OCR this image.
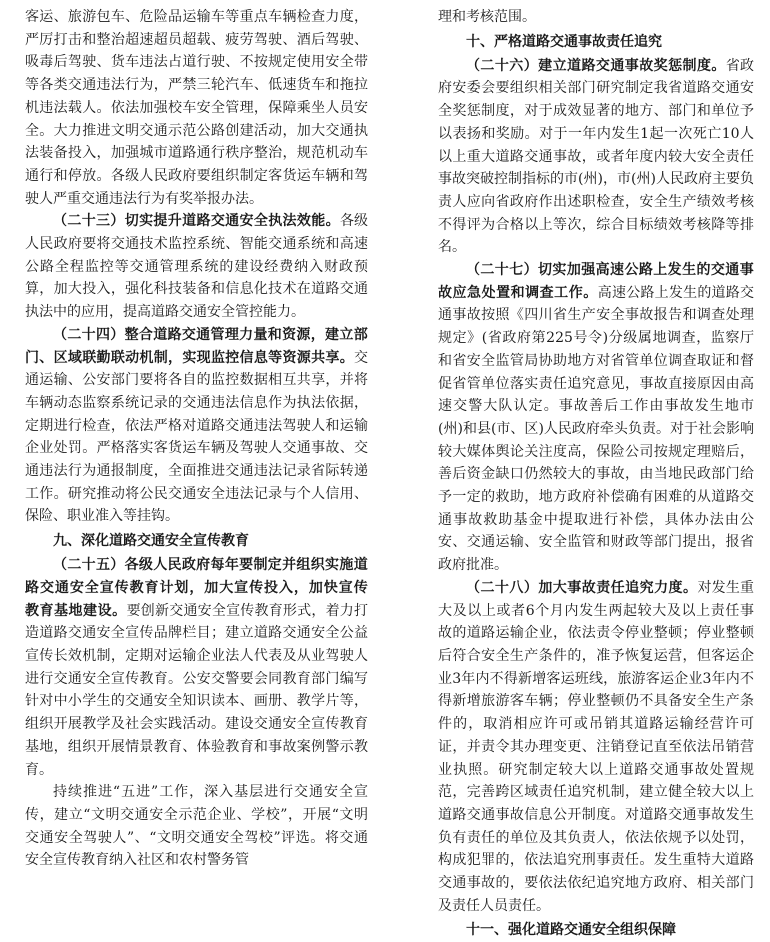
客运、旅游包车、危险品运输车等重点车辆检查力度，严厉打击和整治超速超员超载、疲劳驾驶、酒后驾驶、吸毒后驾驶、货车违法占道行驶、不按规定使用安全带等各类交通违法行为，严禁三轮汽车、低速货车和拖拉机违法载人。依法加强校车安全管理，保障乘坐人员安全。大力推进文明交通示范公路创建活动，加大交通执法装备投入，加强城市道路通行秩序整治，规范机动车通行和停放。各级人民政府要组织制定客货运车辆和驾驶人严重交通违法行为有奖举报办法。

（二十三）切实提升道路交通安全执法效能。各级人民政府要将交通技术监控系统、智能交通系统和高速公路全程监控等交通管理系统的建设经费纳入财政预算，加大投入，强化科技装备和信息化技术在道路交通执法中的应用，提高道路交通安全管控能力。

（二十四）整合道路交通管理力量和资源，建立部门、区域联勤联动机制，实现监控信息等资源共享。交通运输、公安部门要将各自的监控数据相互共享，并将车辆动态监察系统记录的交通违法信息作为执法依据，定期进行检查，依法严格对道路交通违法驾驶人和运输企业处罚。严格落实客货运车辆及驾驶人交通事故、交通违法行为通报制度，全面推进交通违法记录省际转递工作。研究推动将公民交通安全违法记录与个人信用、保险、职业准入等挂钩。

九、深化道路交通安全宣传教育

（二十五）各级人民政府每年要制定并组织实施道路交通安全宣传教育计划，加大宣传投入，加快宣传教育基地建设。要创新交通安全宣传教育形式，着力打造道路交通安全宣传品牌栏目；建立道路交通安全公益宣传长效机制，定期对运输企业法人代表及从业驾驶人进行交通安全宣传教育。公安交警要会同教育部门编写针对中小学生的交通安全知识读本、画册、教学片等，组织开展教学及社会实践活动。建设交通安全宣传教育基地，组织开展情景教育、体验教育和事故案例警示教育。

持续推进“五进”工作，深入基层进行交通安全宣传，建立“文明交通安全示范企业、学校”，开展“文明交通安全驾驶人”、“文明交通安全驾校”评选。将交通安全宣传教育纳入社区和农村警务管

理和考核范围。

十、严格道路交通事故责任追究

（二十六）建立道路交通事故奖惩制度。省政府安委会要组织相关部门研究制定我省道路交通安全奖惩制度，对于成效显著的地方、部门和单位予以表扬和奖励。对于一年内发生1起一次死亡10人以上重大道路交通事故，或者年度内较大安全责任事故突破控制指标的市(州)，市(州)人民政府主要负责人应向省政府作出述职检查，安全生产绩效考核不得评为合格以上等次，综合目标绩效考核降等排名。

（二十七）切实加强高速公路上发生的交通事故应急处置和调查工作。高速公路上发生的道路交通事故按照《四川省生产安全事故报告和调查处理规定》(省政府第225号令)分级属地调查，监察厅和省安全监管局协助地方对省管单位调查取证和督促省管单位落实责任追究意见，事故直接原因由高速交警大队认定。事故善后工作由事故发生地市(州)和县(市、区)人民政府牵头负责。对于社会影响较大媒体舆论关注度高，保险公司按规定理赔后，善后资金缺口仍然较大的事故，由当地民政部门给予一定的救助，地方政府补偿确有困难的从道路交通事故救助基金中提取进行补偿，具体办法由公安、交通运输、安全监管和财政等部门提出，报省政府批准。

（二十八）加大事故责任追究力度。对发生重大及以上或者6个月内发生两起较大及以上责任事故的道路运输企业，依法责令停业整顿；停业整顿后符合安全生产条件的，准予恢复运营，但客运企业3年内不得新增客运班线，旅游客运企业3年内不得新增旅游客车辆；停业整顿仍不具备安全生产条件的，取消相应许可或吊销其道路运输经营许可证，并责令其办理变更、注销登记直至依法吊销营业执照。研究制定较大以上道路交通事故处置规范，完善跨区域责任追究机制，建立健全较大以上道路交通事故信息公开制度。对道路交通事故发生负有责任的单位及其负责人，依法依规予以处罚，构成犯罪的，依法追究刑事责任。发生重特大道路交通事故的，要依法依纪追究地方政府、相关部门及责任人员责任。

十一、强化道路交通安全组织保障
